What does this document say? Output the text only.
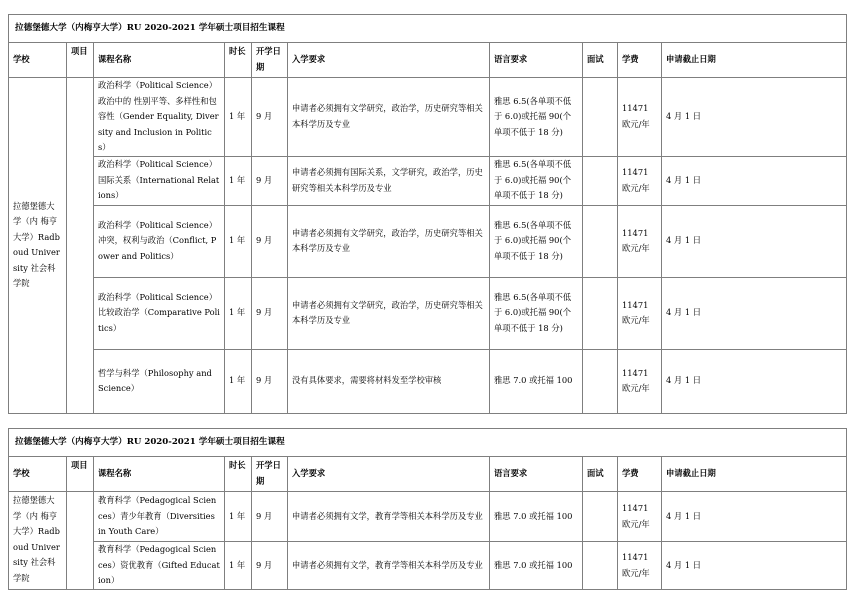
拉德堡德大学（内梅亨大学）RU 2020-2021 学年硕士项目招生课程									
学校	项目	课程名称	时长	开学日期	入学要求	语言要求	面试	学费	申请截止日期
拉德堡德大学（内 梅亨大学）Radboud University 社会科学院		政治科学（Political Science）政治中的 性别平等、多样性和包容性（Gender Equality, Diversity and Inclusion in Politics）	1 年	9 月	申请者必须拥有文学研究，政治学，历史研究等相关本科学历及专业	雅思 6.5(各单项不低于 6.0)或托福 90(个单项不低于 18 分)		11471 欧元/年	4 月 1 日
		政治科学（Political Science）国际关系（International Relations）	1 年	9 月	申请者必须拥有国际关系，文学研究，政治学，历史研究等相关本科学历及专业	雅思 6.5(各单项不低于 6.0)或托福 90(个单项不低于 18 分)		11471 欧元/年	4 月 1 日
		政治科学（Political Science）冲突，权利与政治（Conflict, Power and Politics）	1 年	9 月	申请者必须拥有文学研究，政治学，历史研究等相关本科学历及专业	雅思 6.5(各单项不低于 6.0)或托福 90(个单项不低于 18 分)		11471 欧元/年	4 月 1 日
		政治科学（Political Science）比较政治学（Comparative Politics）	1 年	9 月	申请者必须拥有文学研究，政治学，历史研究等相关本科学历及专业	雅思 6.5(各单项不低于 6.0)或托福 90(个单项不低于 18 分)		11471 欧元/年	4 月 1 日
		哲学与科学（Philosophy and Science）	1 年	9 月	没有具体要求，需要将材料发至学校审核	雅思 7.0 或托福 100		11471 欧元/年	4 月 1 日
拉德堡德大学（内梅亨大学）RU 2020-2021 学年硕士项目招生课程									
学校	项目	课程名称	时长	开学日期	入学要求	语言要求	面试	学费	申请截止日期
拉德堡德大学（内 梅亨大学）Radboud University 社会科学院		教育科学（Pedagogical Sciences）青少年教育（Diversities in Youth Care）	1 年	9 月	申请者必须拥有文学，教育学等相关本科学历及专业	雅思 7.0 或托福 100		11471 欧元/年	4 月 1 日
		教育科学（Pedagogical Sciences）资优教育（Gifted Education）	1 年	9 月	申请者必须拥有文学，教育学等相关本科学历及专业	雅思 7.0 或托福 100		11471 欧元/年	4 月 1 日
